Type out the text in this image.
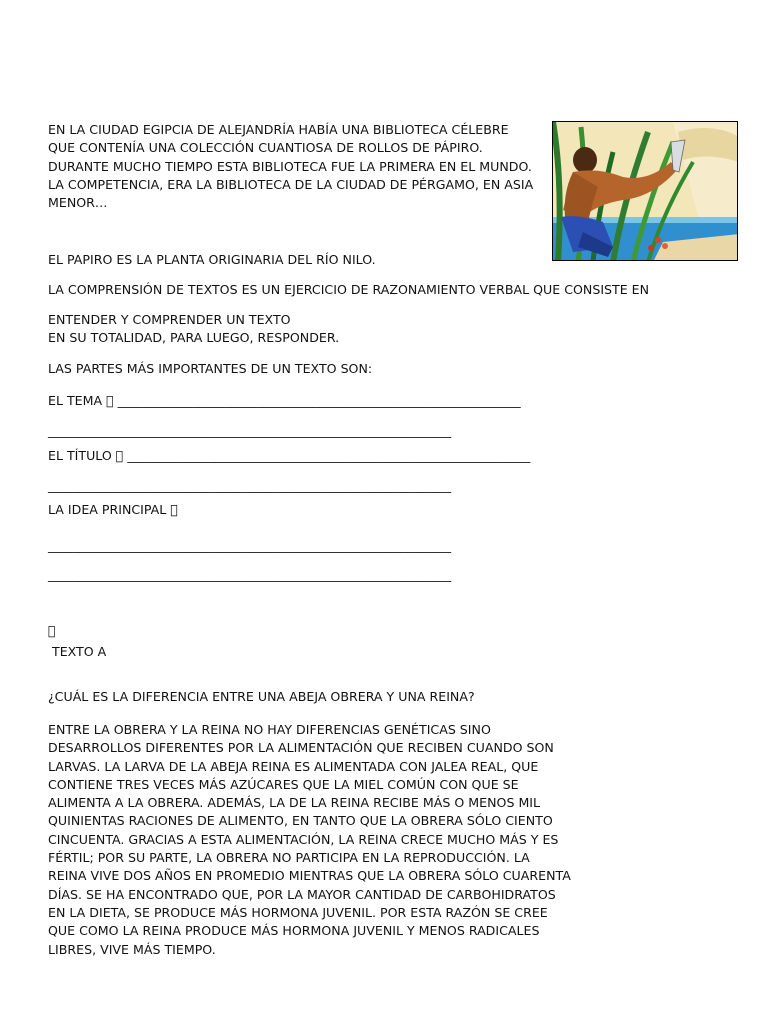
EN LA CIUDAD EGIPCIA DE ALEJANDRÍA HABÍA UNA BIBLIOTECA CÉLEBRE
QUE CONTENÍA UNA COLECCIÓN CUANTIOSA DE ROLLOS DE PÁPIRO.
DURANTE MUCHO TIEMPO ESTA BIBLIOTECA FUE LA PRIMERA EN EL MUNDO.
LA COMPETENCIA, ERA LA BIBLIOTECA DE LA CIUDAD DE PÉRGAMO, EN ASIA
MENOR…
EL PAPIRO ES LA PLANTA ORIGINARIA DEL RÍO NILO.
LA COMPRENSIÓN DE TEXTOS ES UN EJERCICIO DE RAZONAMIENTO VERBAL QUE CONSISTE EN
ENTENDER Y COMPRENDER UN TEXTO
EN SU TOTALIDAD, PARA LUEGO, RESPONDER.
LAS PARTES MÁS IMPORTANTES DE UN TEXTO SON:
EL TEMA ________________________________________________________________
________________________________________________________________
EL TÍTULO ________________________________________________________________
________________________________________________________________
LA IDEA PRINCIPAL
________________________________________________________________
________________________________________________________________
TEXTO A
¿CUÁL ES LA DIFERENCIA ENTRE UNA ABEJA OBRERA Y UNA REINA?
ENTRE LA OBRERA Y LA REINA NO HAY DIFERENCIAS GENÉTICAS SINO
DESARROLLOS DIFERENTES POR LA ALIMENTACIÓN QUE RECIBEN CUANDO SON
LARVAS. LA LARVA DE LA ABEJA REINA ES ALIMENTADA CON JALEA REAL, QUE
CONTIENE TRES VECES MÁS AZÚCARES QUE LA MIEL COMÚN CON QUE SE
ALIMENTA A LA OBRERA. ADEMÁS, LA DE LA REINA RECIBE MÁS O MENOS MIL
QUINIENTAS RACIONES DE ALIMENTO, EN TANTO QUE LA OBRERA SÓLO CIENTO
CINCUENTA. GRACIAS A ESTA ALIMENTACIÓN, LA REINA CRECE MUCHO MÁS Y ES
FÉRTIL; POR SU PARTE, LA OBRERA NO PARTICIPA EN LA REPRODUCCIÓN. LA
REINA VIVE DOS AÑOS EN PROMEDIO MIENTRAS QUE LA OBRERA SÓLO CUARENTA
DÍAS. SE HA ENCONTRADO QUE, POR LA MAYOR CANTIDAD DE CARBOHIDRATOS
EN LA DIETA, SE PRODUCE MÁS HORMONA JUVENIL. POR ESTA RAZÓN SE CREE
QUE COMO LA REINA PRODUCE MÁS HORMONA JUVENIL Y MENOS RADICALES
LIBRES, VIVE MÁS TIEMPO.
